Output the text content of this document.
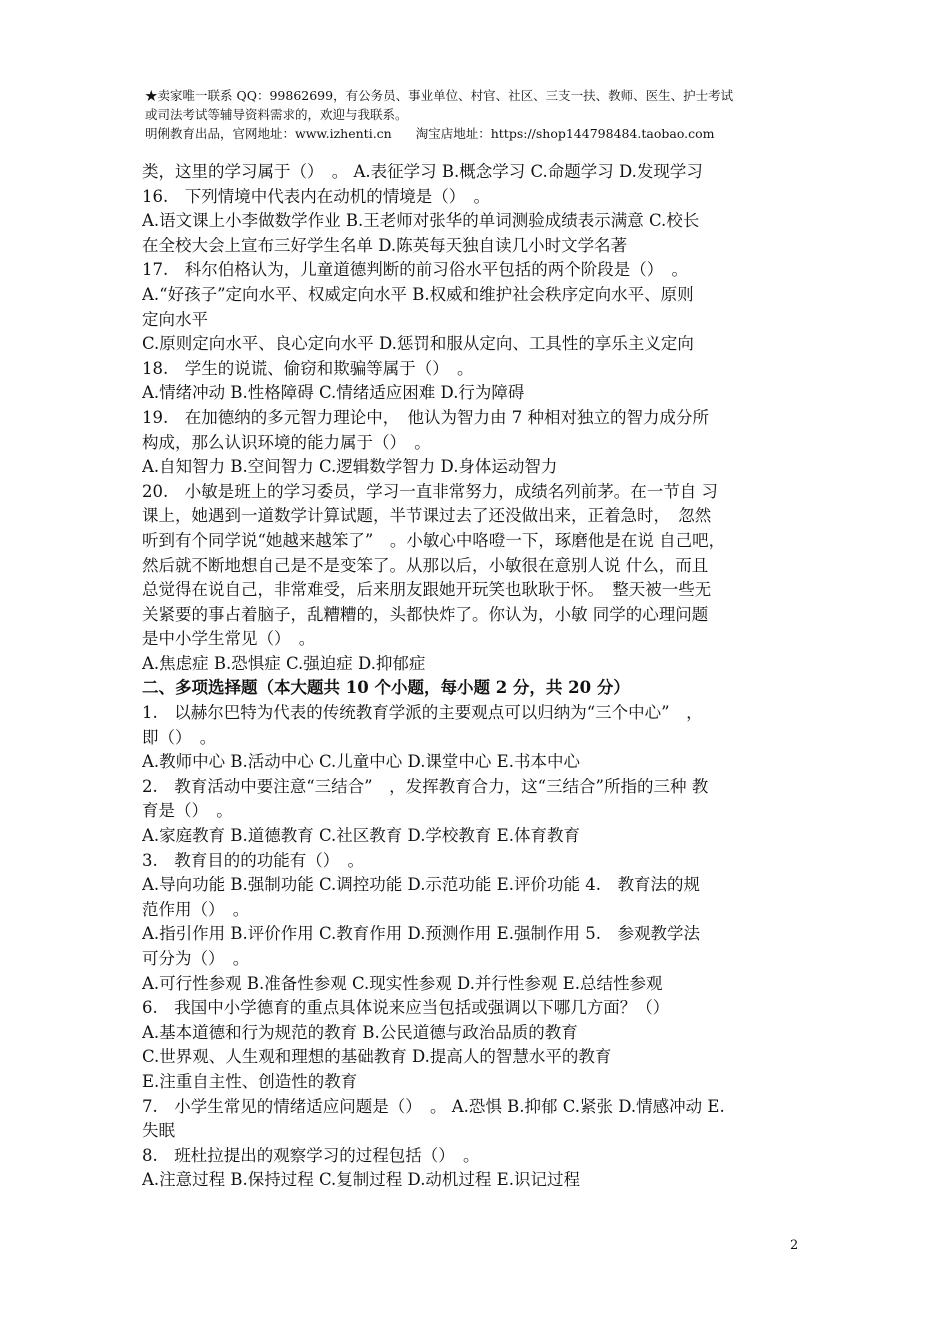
★卖家唯一联系 QQ：99862699，有公务员、事业单位、村官、社区、三支一扶、教师、医生、护士考试
或司法考试等辅导资料需求的，欢迎与我联系。
明俐教育出品，官网地址：www.izhenti.cn 淘宝店地址：https://shop144798484.taobao.com
类，这里的学习属于（）　。 A.表征学习 B.概念学习 C.命题学习 D.发现学习
16.　下列情境中代表内在动机的情境是（）　。
A.语文课上小李做数学作业 B.王老师对张华的单词测验成绩表示满意 C.校长
在全校大会上宣布三好学生名单 D.陈英每天独自读几小时文学名著
17.　科尔伯格认为，儿童道德判断的前习俗水平包括的两个阶段是（）　。
A.“好孩子”定向水平、权威定向水平 B.权威和维护社会秩序定向水平、原则
定向水平
C.原则定向水平、良心定向水平 D.惩罚和服从定向、工具性的享乐主义定向
18.　学生的说谎、偷窃和欺骗等属于（）　。
A.情绪冲动 B.性格障碍 C.情绪适应困难 D.行为障碍
19.　在加德纳的多元智力理论中，　他认为智力由 7 种相对独立的智力成分所
构成，那么认识环境的能力属于（）　。
A.自知智力 B.空间智力 C.逻辑数学智力 D.身体运动智力
20.　小敏是班上的学习委员，学习一直非常努力，成绩名列前茅。在一节自 习
课上，她遇到一道数学计算试题，半节课过去了还没做出来，正着急时，　忽然
听到有个同学说“她越来越笨了”　。小敏心中咯噔一下，琢磨他是在说 自己吧，
然后就不断地想自己是不是变笨了。从那以后，小敏很在意别人说 什么，而且
总觉得在说自己，非常难受，后来朋友跟她开玩笑也耿耿于怀。　整天被一些无
关紧要的事占着脑子，乱糟糟的，头都快炸了。你认为，小敏 同学的心理问题
是中小学生常见（）　。
A.焦虑症 B.恐惧症 C.强迫症 D.抑郁症
二、多项选择题（本大题共 10 个小题，每小题 2 分，共 20 分）
1.　以赫尔巴特为代表的传统教育学派的主要观点可以归纳为“三个中心”　，
即（）　。
A.教师中心 B.活动中心 C.儿童中心 D.课堂中心 E.书本中心
2.　教育活动中要注意“三结合”　，发挥教育合力，这“三结合”所指的三种 教
育是（）　。
A.家庭教育 B.道德教育 C.社区教育 D.学校教育 E.体育教育
3.　教育目的的功能有（）　。
A.导向功能 B.强制功能 C.调控功能 D.示范功能 E.评价功能 4.　教育法的规
范作用（）　。
A.指引作用 B.评价作用 C.教育作用 D.预测作用 E.强制作用 5.　参观教学法
可分为（）　。
A.可行性参观 B.准备性参观 C.现实性参观 D.并行性参观 E.总结性参观
6.　我国中小学德育的重点具体说来应当包括或强调以下哪几方面？（）
A.基本道德和行为规范的教育 B.公民道德与政治品质的教育
C.世界观、人生观和理想的基础教育 D.提高人的智慧水平的教育
E.注重自主性、创造性的教育
7.　小学生常见的情绪适应问题是（）　。 A.恐惧 B.抑郁 C.紧张 D.情感冲动 E.
失眠
8.　班杜拉提出的观察学习的过程包括（）　。
A.注意过程 B.保持过程 C.复制过程 D.动机过程 E.识记过程
2
